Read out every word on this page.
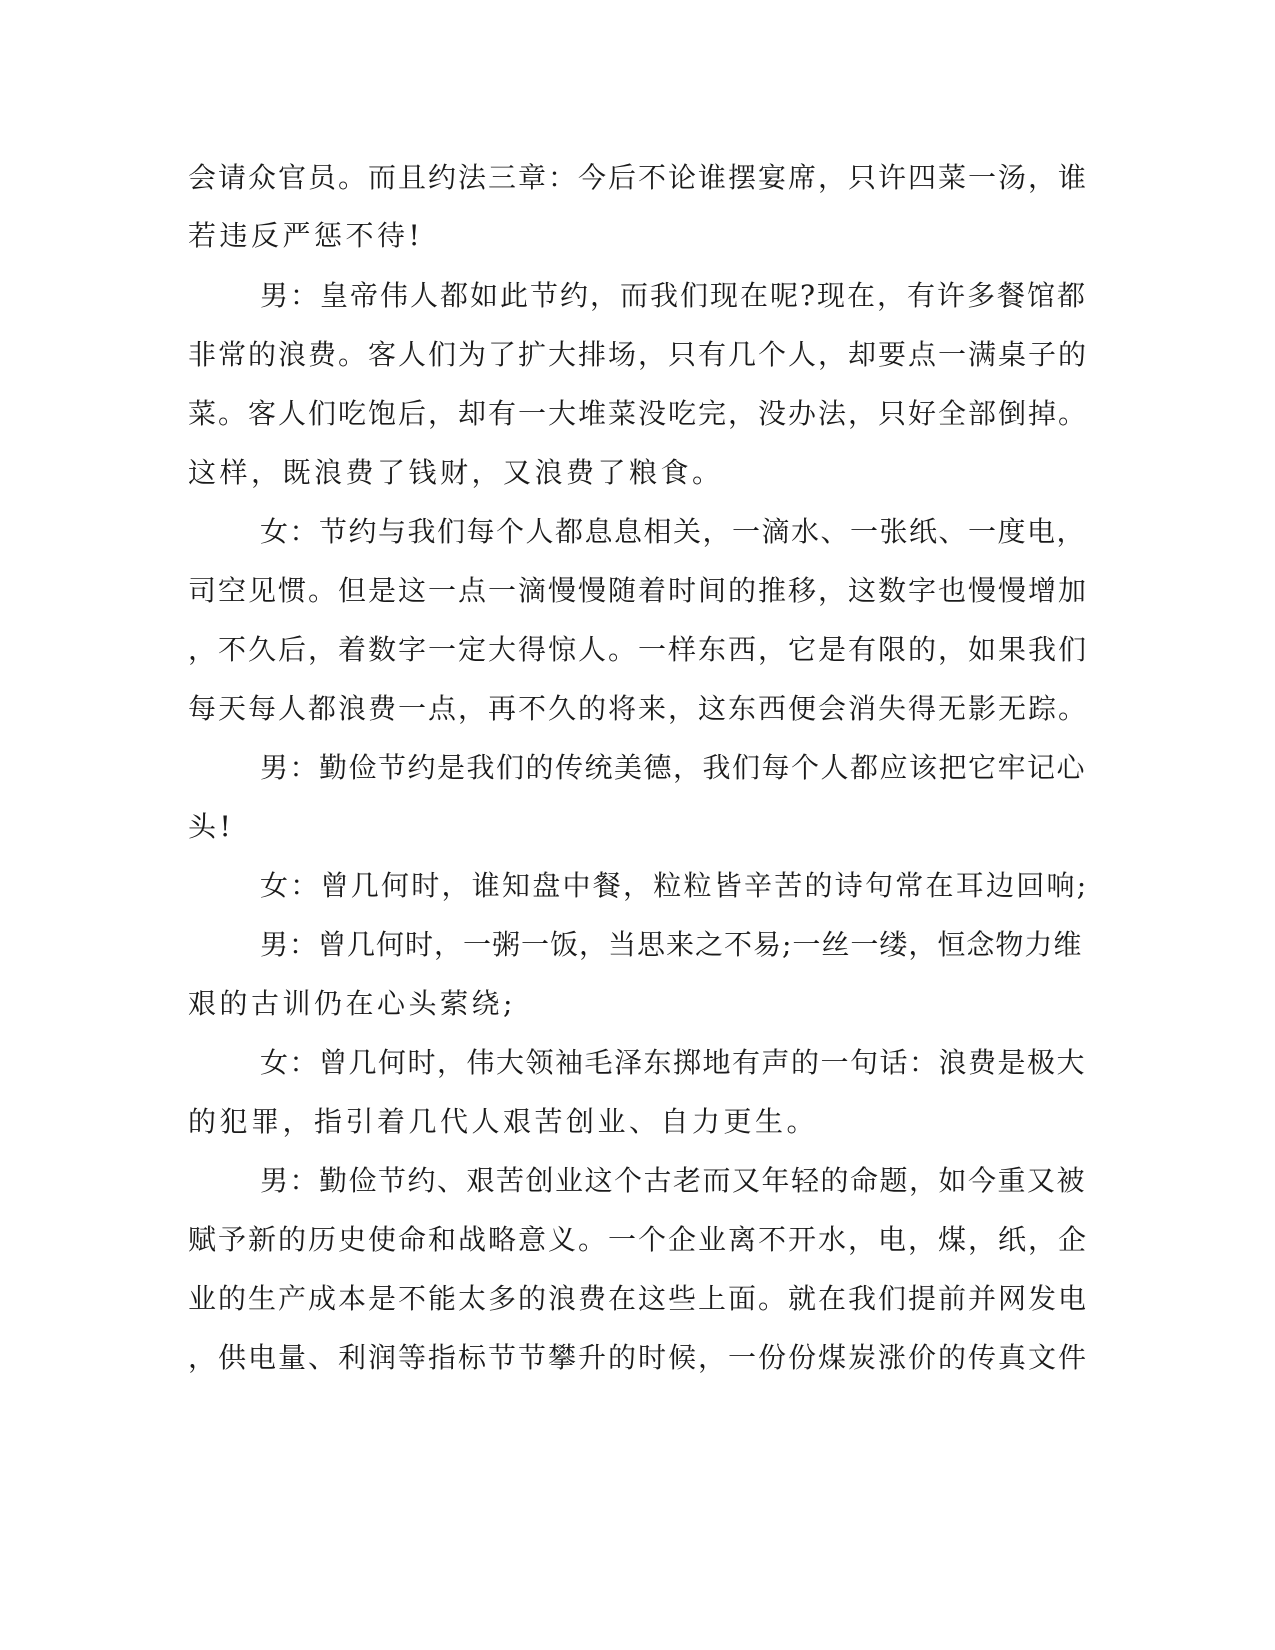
会请众官员。而且约法三章：今后不论谁摆宴席，只许四菜一汤，谁
若违反严惩不待!
男：皇帝伟人都如此节约，而我们现在呢?现在，有许多餐馆都
非常的浪费。客人们为了扩大排场，只有几个人，却要点一满桌子的
菜。客人们吃饱后，却有一大堆菜没吃完，没办法，只好全部倒掉。
这样，既浪费了钱财，又浪费了粮食。
女：节约与我们每个人都息息相关，一滴水、一张纸、一度电，
司空见惯。但是这一点一滴慢慢随着时间的推移，这数字也慢慢增加
，不久后，着数字一定大得惊人。一样东西，它是有限的，如果我们
每天每人都浪费一点，再不久的将来，这东西便会消失得无影无踪。
男：勤俭节约是我们的传统美德，我们每个人都应该把它牢记心
头!
女：曾几何时，谁知盘中餐，粒粒皆辛苦的诗句常在耳边回响;
男：曾几何时，一粥一饭，当思来之不易;一丝一缕，恒念物力维
艰的古训仍在心头萦绕;
女：曾几何时，伟大领袖毛泽东掷地有声的一句话：浪费是极大
的犯罪，指引着几代人艰苦创业、自力更生。
男：勤俭节约、艰苦创业这个古老而又年轻的命题，如今重又被
赋予新的历史使命和战略意义。一个企业离不开水，电，煤，纸，企
业的生产成本是不能太多的浪费在这些上面。就在我们提前并网发电
，供电量、利润等指标节节攀升的时候，一份份煤炭涨价的传真文件
